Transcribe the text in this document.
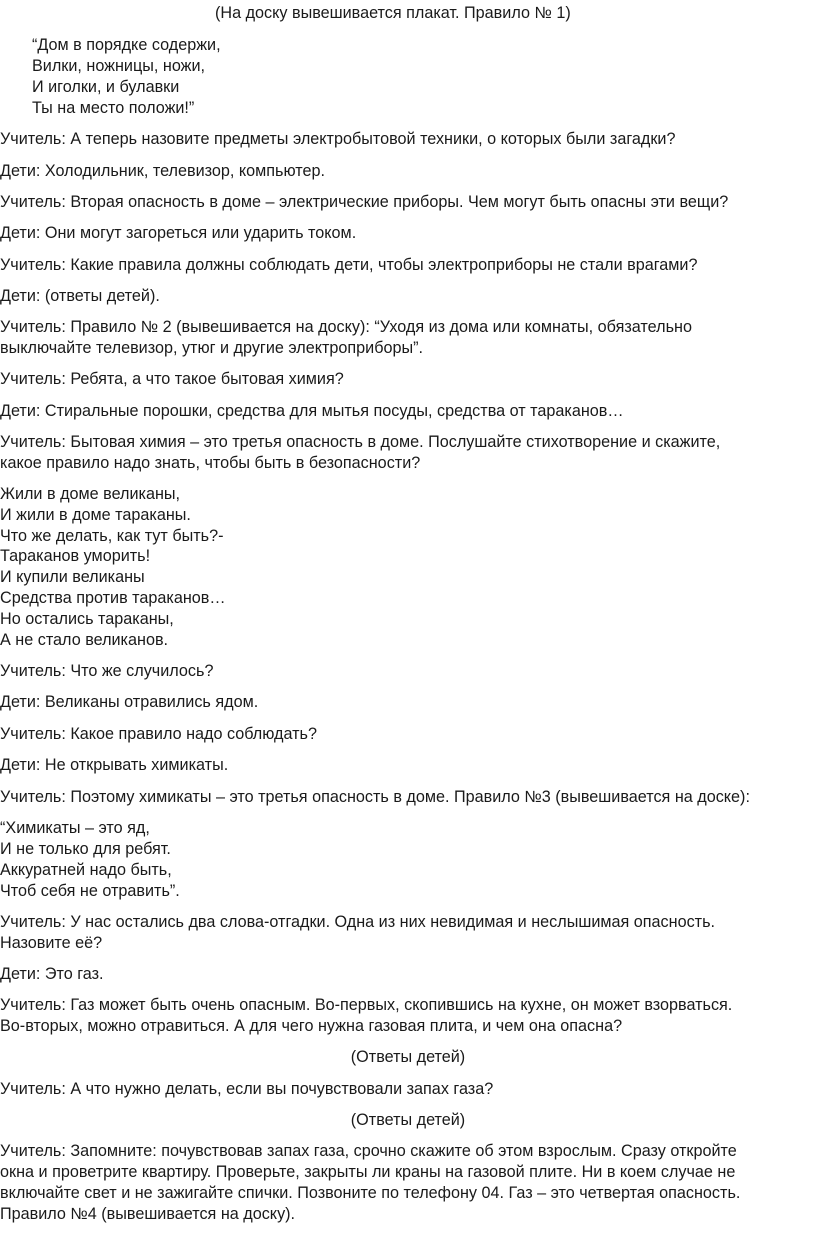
(На доску вывешивается плакат. Правило № 1)
“Дом в порядке содержи,
Вилки, ножницы, ножи,
И иголки, и булавки
Ты на место положи!”
Учитель: А теперь назовите предметы электробытовой техники, о которых были загадки?
Дети: Холодильник, телевизор, компьютер.
Учитель: Вторая опасность в доме – электрические приборы. Чем могут быть опасны эти вещи?
Дети: Они могут загореться или ударить током.
Учитель: Какие правила должны соблюдать дети, чтобы электроприборы не стали врагами?
Дети: (ответы детей).
Учитель: Правило № 2 (вывешивается на доску): “Уходя из дома или комнаты, обязательно
выключайте телевизор, утюг и другие электроприборы”.
Учитель: Ребята, а что такое бытовая химия?
Дети: Стиральные порошки, средства для мытья посуды, средства от тараканов…
Учитель: Бытовая химия – это третья опасность в доме. Послушайте стихотворение и скажите,
какое правило надо знать, чтобы быть в безопасности?
Жили в доме великаны,
И жили в доме тараканы.
Что же делать, как тут быть?-
Тараканов уморить!
И купили великаны
Средства против тараканов…
Но остались тараканы,
А не стало великанов.
Учитель: Что же случилось?
Дети: Великаны отравились ядом.
Учитель: Какое правило надо соблюдать?
Дети: Не открывать химикаты.
Учитель: Поэтому химикаты – это третья опасность в доме. Правило №3 (вывешивается на доске):
“Химикаты – это яд,
И не только для ребят.
Аккуратней надо быть,
Чтоб себя не отравить”.
Учитель: У нас остались два слова-отгадки. Одна из них невидимая и неслышимая опасность.
Назовите её?
Дети: Это газ.
Учитель: Газ может быть очень опасным. Во-первых, скопившись на кухне, он может взорваться.
Во-вторых, можно отравиться. А для чего нужна газовая плита, и чем она опасна?
(Ответы детей)
Учитель: А что нужно делать, если вы почувствовали запах газа?
(Ответы детей)
Учитель: Запомните: почувствовав запах газа, срочно скажите об этом взрослым. Сразу откройте
окна и проветрите квартиру. Проверьте, закрыты ли краны на газовой плите. Ни в коем случае не
включайте свет и не зажигайте спички. Позвоните по телефону 04. Газ – это четвертая опасность.
Правило №4 (вывешивается на доску).
